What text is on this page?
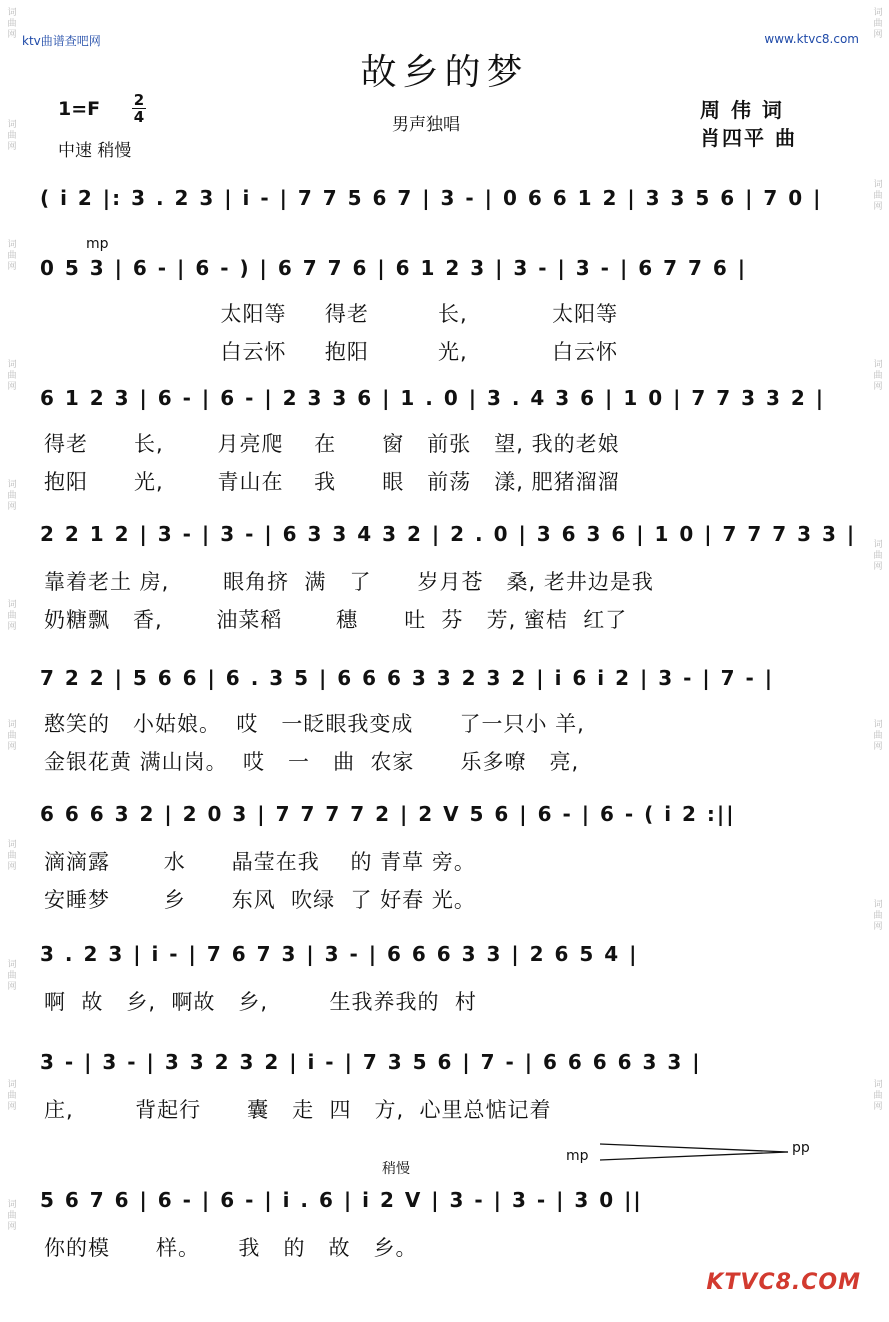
ktv曲谱查吧网	www.ktvc8.com
故乡的梦
1=F 2
4	男声独唱
中速 稍慢
周 伟 词
肖四平 曲
词曲网
词曲网
词曲网
词曲网
词曲网
词曲网
词曲网
词曲网
词曲网
词曲网
词曲网
词曲网
词曲网
词曲网
词曲网
词曲网
词曲网
词曲网
mp
稍慢
mp	pp
( i 2 |: 3 . 2 3 | i - | 7 7 5 6 7 | 3 - | 0 6 6 1 2 | 3 3 5 6 | 7 0 |
0 5 3 | 6 - | 6 - ) | 6 7 7 6 | 6 1 2 3 | 3 - | 3 - | 6 7 7 6 |
太阳等     得老         长,           太阳等
白云怀     抱阳         光,           白云怀
6 1 2 3 | 6 - | 6 - | 2 3 3 6 | 1 . 0 | 3 . 4 3 6 | 1 0 | 7 7 3 3 2 |
得老      长,       月亮爬    在      窗   前张   望, 我的老娘
抱阳      光,       青山在    我      眼   前荡   漾, 肥猪溜溜
2 2 1 2 | 3 - | 3 - | 6 3 3 4 3 2 | 2 . 0 | 3 6 3 6 | 1 0 | 7 7 7 3 3 |
靠着老土 房,       眼角挤  满   了      岁月苍   桑, 老井边是我
奶糖飘   香,       油菜稻       穗      吐  芬   芳, 蜜桔  红了
7 2 2 | 5 6 6 | 6 . 3 5 | 6 6 6 3 3 2 3 2 | i 6 i 2 | 3 - | 7 - |
憨笑的   小姑娘。  哎   一眨眼我变成      了一只小 羊,
金银花黄 满山岗。  哎   一   曲  农家      乐多嘹   亮,
6 6 6 3 2 | 2 0 3 | 7 7 7 7 2 | 2 V 5 6 | 6 - | 6 - ( i 2 :||
滴滴露       水      晶莹在我    的 青草 旁。
安睡梦       乡      东风  吹绿  了 好春 光。
3 . 2 3 | i - | 7 6 7 3 | 3 - | 6 6 6 3 3 | 2 6 5 4 |
啊  故   乡,  啊故   乡,        生我养我的  村
3 - | 3 - | 3 3 2 3 2 | i - | 7 3 5 6 | 7 - | 6 6 6 6 3 3 |
庄,        背起行      囊   走  四   方,  心里总惦记着
5 6 7 6 | 6 - | 6 - | i . 6 | i 2 V | 3 - | 3 - | 3 0 ||
你的模      样。     我   的   故   乡。
KTVC8.COM
